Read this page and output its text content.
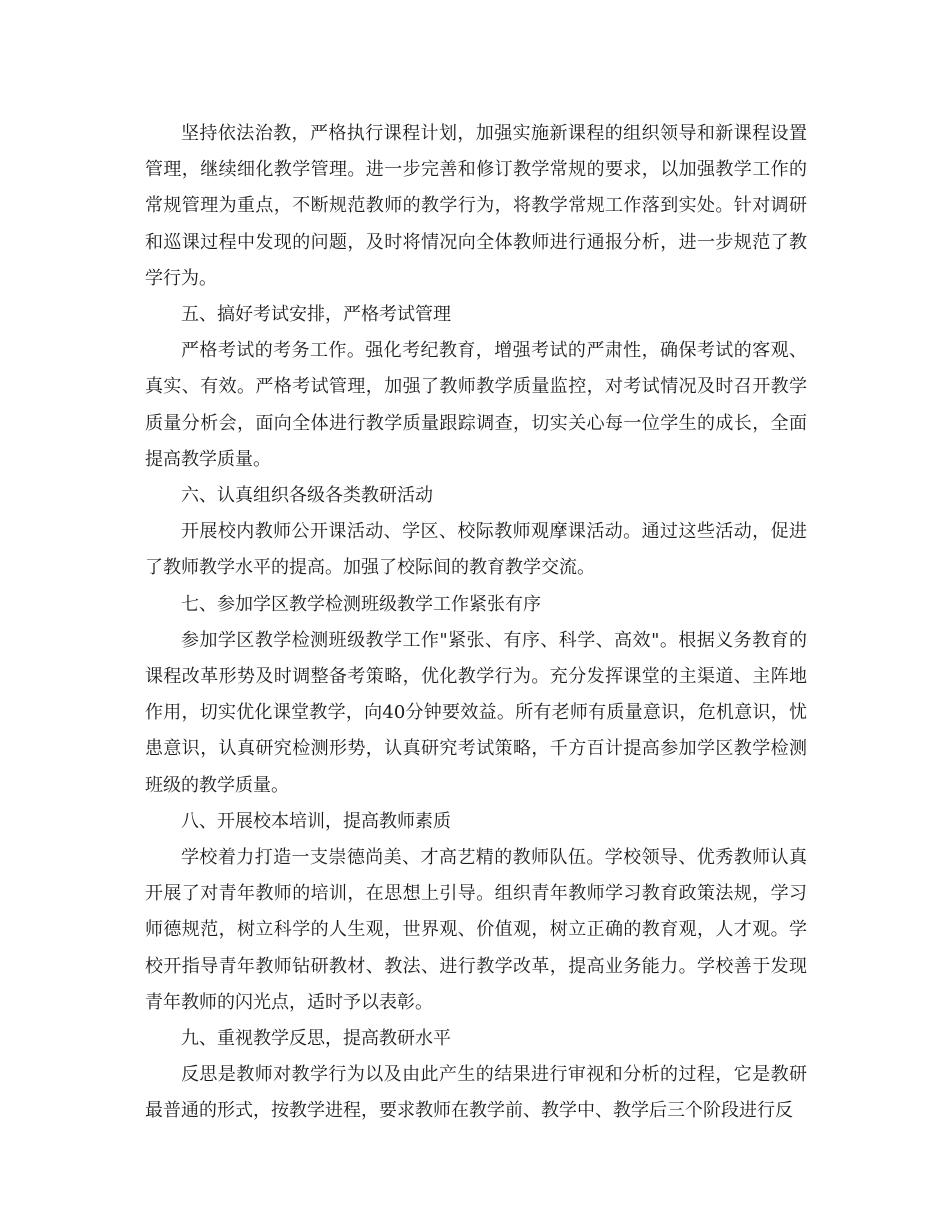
坚持依法治教，严格执行课程计划，加强实施新课程的组织领导和新课程设置管理，继续细化教学管理。进一步完善和修订教学常规的要求，以加强教学工作的常规管理为重点，不断规范教师的教学行为，将教学常规工作落到实处。针对调研和巡课过程中发现的问题，及时将情况向全体教师进行通报分析，进一步规范了教学行为。

五、搞好考试安排，严格考试管理

严格考试的考务工作。强化考纪教育，增强考试的严肃性，确保考试的客观、真实、有效。严格考试管理，加强了教师教学质量监控，对考试情况及时召开教学质量分析会，面向全体进行教学质量跟踪调查，切实关心每一位学生的成长，全面提高教学质量。

六、认真组织各级各类教研活动

开展校内教师公开课活动、学区、校际教师观摩课活动。通过这些活动，促进了教师教学水平的提高。加强了校际间的教育教学交流。

七、参加学区教学检测班级教学工作紧张有序

参加学区教学检测班级教学工作"紧张、有序、科学、高效"。根据义务教育的课程改革形势及时调整备考策略，优化教学行为。充分发挥课堂的主渠道、主阵地作用，切实优化课堂教学，向40分钟要效益。所有老师有质量意识，危机意识，忧患意识，认真研究检测形势，认真研究考试策略，千方百计提高参加学区教学检测班级的教学质量。

八、开展校本培训，提高教师素质

学校着力打造一支崇德尚美、才高艺精的教师队伍。学校领导、优秀教师认真开展了对青年教师的培训，在思想上引导。组织青年教师学习教育政策法规，学习师德规范，树立科学的人生观，世界观、价值观，树立正确的教育观，人才观。学校开指导青年教师钻研教材、教法、进行教学改革，提高业务能力。学校善于发现青年教师的闪光点，适时予以表彰。

九、重视教学反思，提高教研水平

反思是教师对教学行为以及由此产生的结果进行审视和分析的过程，它是教研最普通的形式，按教学进程，要求教师在教学前、教学中、教学后三个阶段进行反
